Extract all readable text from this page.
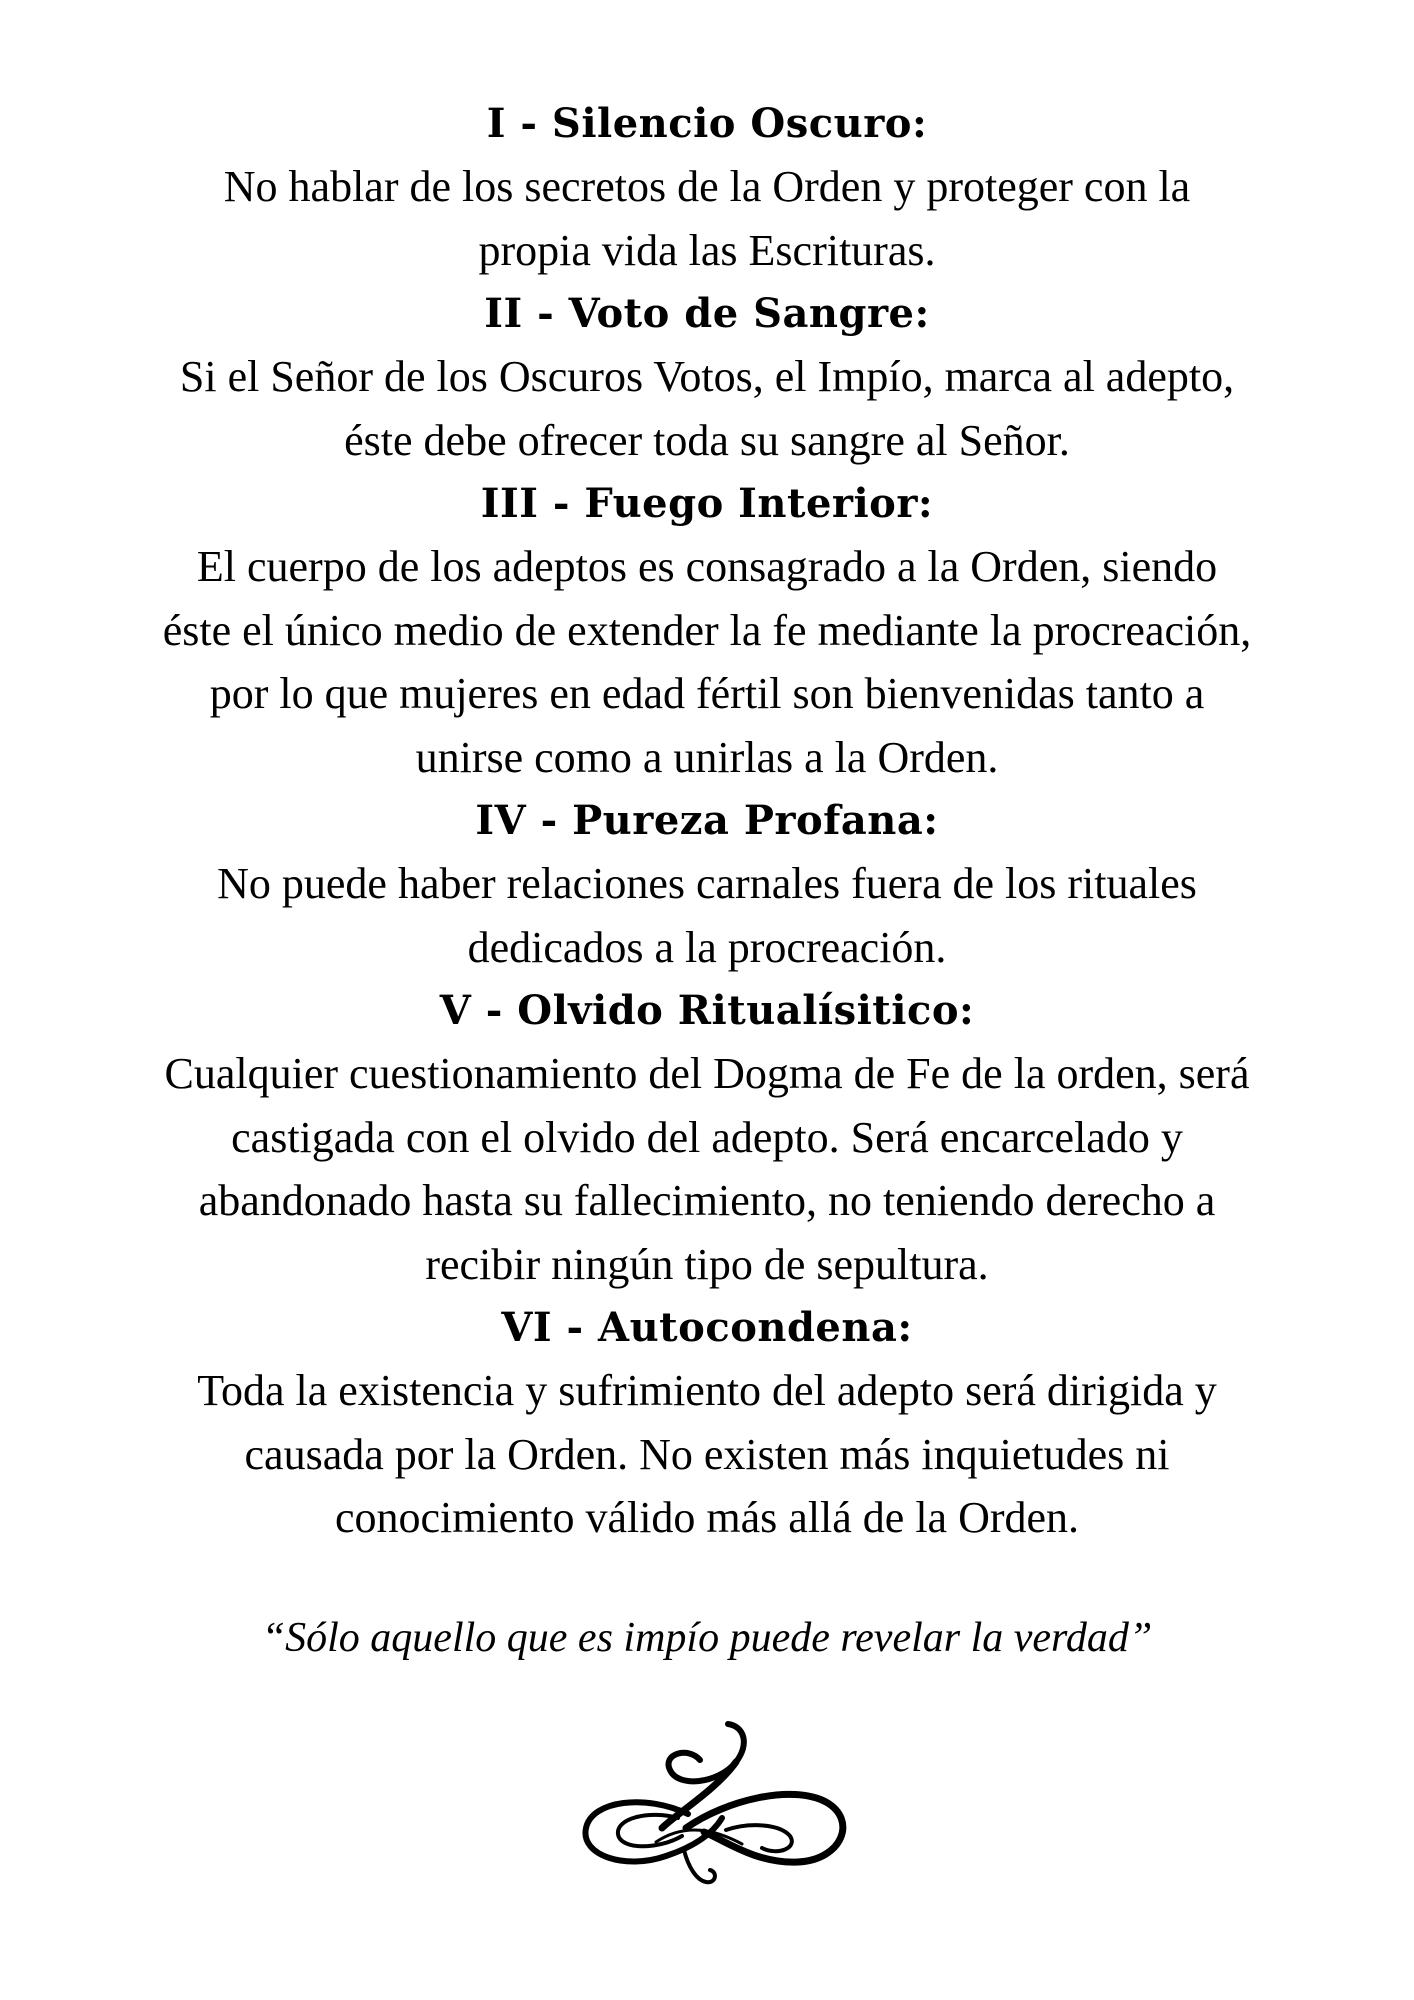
I - Silencio Oscuro:

No hablar de los secretos de la Orden y proteger con la

propia vida las Escrituras.

II - Voto de Sangre:

Si el Señor de los Oscuros Votos, el Impío, marca al adepto,

éste debe ofrecer toda su sangre al Señor.

III - Fuego Interior:

El cuerpo de los adeptos es consagrado a la Orden, siendo

éste el único medio de extender la fe mediante la procreación,

por lo que mujeres en edad fértil son bienvenidas tanto a

unirse como a unirlas a la Orden.

IV - Pureza Profana:

No puede haber relaciones carnales fuera de los rituales

dedicados a la procreación.

V - Olvido Ritualísitico:

Cualquier cuestionamiento del Dogma de Fe de la orden, será

castigada con el olvido del adepto. Será encarcelado y

abandonado hasta su fallecimiento, no teniendo derecho a

recibir ningún tipo de sepultura.

VI - Autocondena:

Toda la existencia y sufrimiento del adepto será dirigida y

causada por la Orden. No existen más inquietudes ni

conocimiento válido más allá de la Orden.

“Sólo aquello que es impío puede revelar la verdad”
